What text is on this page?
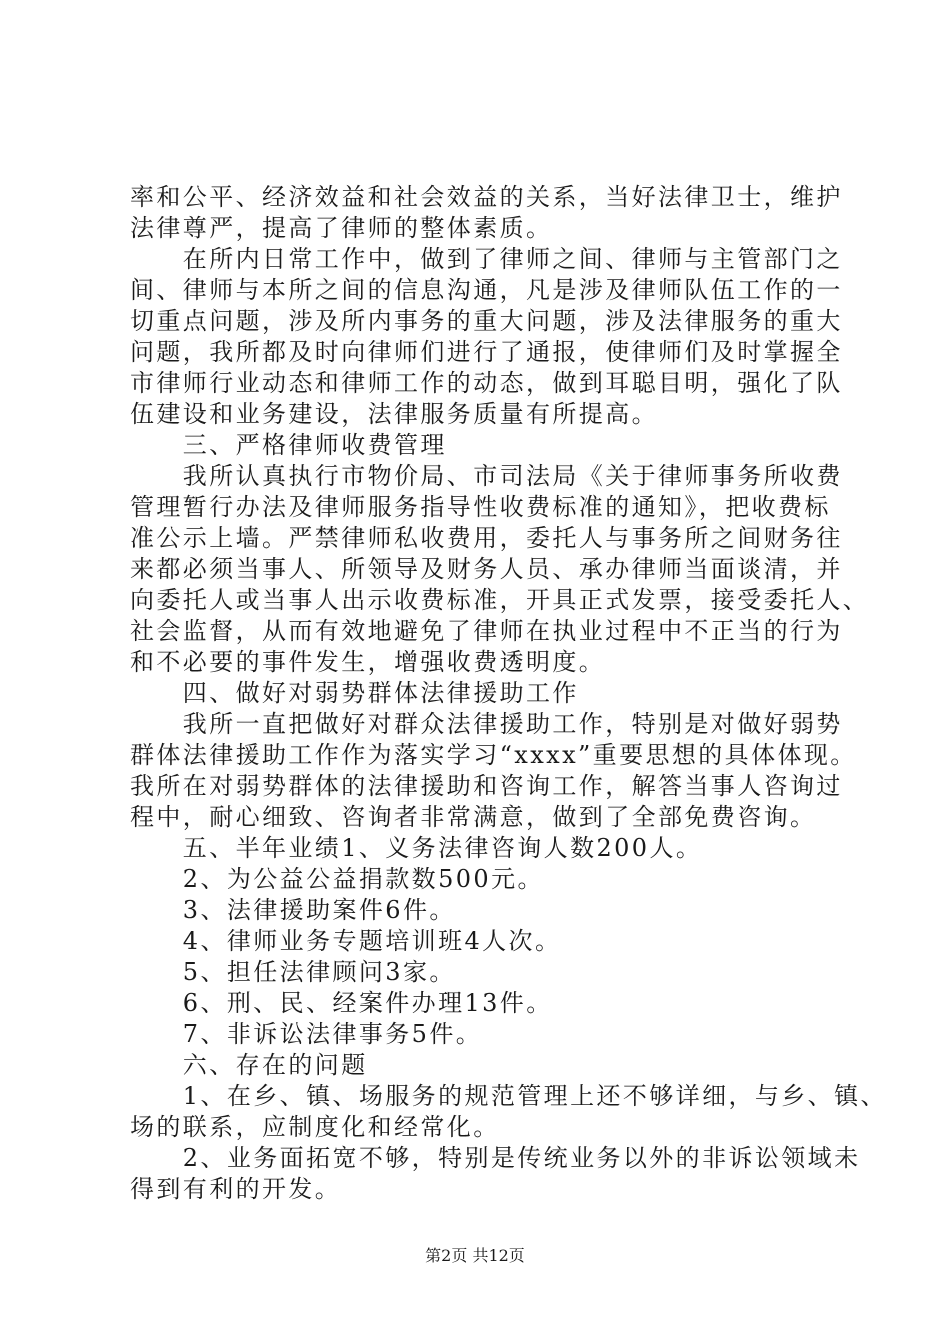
率和公平、经济效益和社会效益的关系，当好法律卫士，维护
法律尊严，提高了律师的整体素质。
　　在所内日常工作中，做到了律师之间、律师与主管部门之
间、律师与本所之间的信息沟通，凡是涉及律师队伍工作的一
切重点问题，涉及所内事务的重大问题，涉及法律服务的重大
问题，我所都及时向律师们进行了通报，使律师们及时掌握全
市律师行业动态和律师工作的动态，做到耳聪目明，强化了队
伍建设和业务建设，法律服务质量有所提高。
　　三、严格律师收费管理
　　我所认真执行市物价局、市司法局《关于律师事务所收费
管理暂行办法及律师服务指导性收费标准的通知》，把收费标
准公示上墙。严禁律师私收费用，委托人与事务所之间财务往
来都必须当事人、所领导及财务人员、承办律师当面谈清，并
向委托人或当事人出示收费标准，开具正式发票，接受委托人、
社会监督，从而有效地避免了律师在执业过程中不正当的行为
和不必要的事件发生，增强收费透明度。
　　四、做好对弱势群体法律援助工作
　　我所一直把做好对群众法律援助工作，特别是对做好弱势
群体法律援助工作作为落实学习“xxxx”重要思想的具体体现。
我所在对弱势群体的法律援助和咨询工作，解答当事人咨询过
程中，耐心细致、咨询者非常满意，做到了全部免费咨询。
　　五、半年业绩1、义务法律咨询人数200人。
　　2、为公益公益捐款数500元。
　　3、法律援助案件6件。
　　4、律师业务专题培训班4人次。
　　5、担任法律顾问3家。
　　6、刑、民、经案件办理13件。
　　7、非诉讼法律事务5件。
　　六、存在的问题
　　1、在乡、镇、场服务的规范管理上还不够详细，与乡、镇、
场的联系，应制度化和经常化。
　　2、业务面拓宽不够，特别是传统业务以外的非诉讼领域未
得到有利的开发。
第2页 共12页
